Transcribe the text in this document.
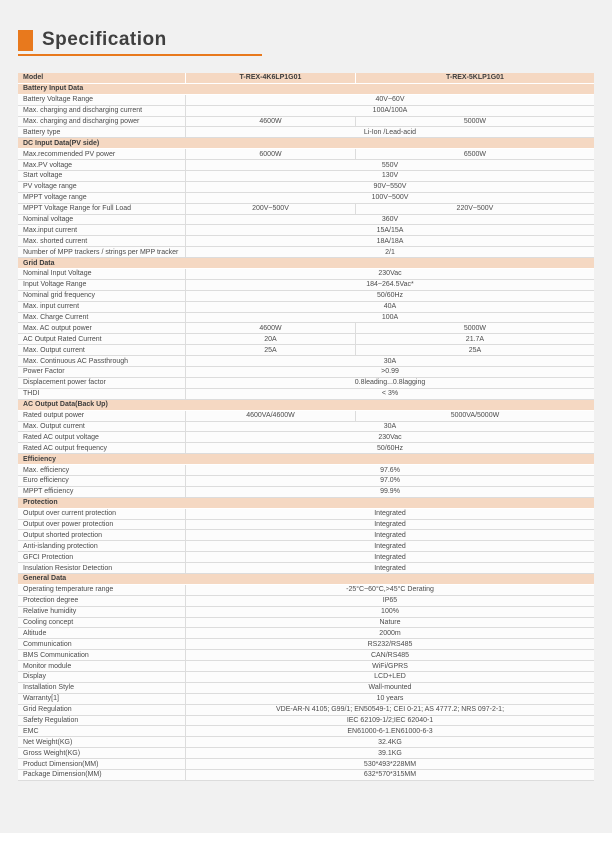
Specification
Model	T-REX-4K6LP1G01	T-REX-5KLP1G01
Battery Input Data
Battery Voltage Range	40V~60V
Max. charging and discharging current	100A/100A
Max. charging and discharging power	4600W	5000W
Battery type	Li-Ion /Lead-acid
DC Input Data(PV side)
Max.recommended PV power	6000W	6500W
Max.PV voltage	550V
Start voltage	130V
PV voltage range	90V~550V
MPPT voltage range	100V~500V
MPPT Voltage Range for Full Load	200V~500V	220V~500V
Nominal voltage	360V
Max.input current	15A/15A
Max. shorted current	18A/18A
Number of MPP trackers / strings per MPP tracker	2/1
Grid Data
Nominal Input Voltage	230Vac
Input Voltage Range	184~264.5Vac*
Nominal grid frequency	50/60Hz
Max. input current	40A
Max. Charge Current	100A
Max. AC output power	4600W	5000W
AC Output Rated Current	20A	21.7A
Max. Output current	25A	25A
Max. Continuous AC Passthrough	30A
Power Factor	>0.99
Displacement power factor	0.8leading...0.8lagging
THDI	< 3%
AC Output Data(Back Up)
Rated output power	4600VA/4600W	5000VA/5000W
Max. Output current	30A
Rated AC output voltage	230Vac
Rated AC output frequency	50/60Hz
Efficiency
Max. efficiency	97.6%
Euro efficiency	97.0%
MPPT efficiency	99.9%
Protection
Output over current protection	Integrated
Output over power protection	Integrated
Output shorted protection	Integrated
Anti-islanding protection	Integrated
GFCI Protection	Integrated
Insulation Resistor Detection	Integrated
General Data
Operating temperature range	-25°C~60°C,>45°C Derating
Protection degree	IP65
Relative humidity	100%
Cooling concept	Nature
Altitude	2000m
Communication	RS232/RS485
BMS Communication	CAN/RS485
Monitor module	WiFi/GPRS
Display	LCD+LED
Installation Style	Wall-mounted
Warranty[1]	10 years
Grid Regulation	VDE-AR-N 4105; G99/1; EN50549-1; CEI 0-21; AS 4777.2; NRS 097-2-1;
Safety Regulation	IEC 62109-1/2;IEC 62040-1
EMC	EN61000-6-1.EN61000-6-3
Net Weight(KG)	32.4KG
Gross Weight(KG)	39.1KG
Product Dimension(MM)	530*493*228MM
Package Dimension(MM)	632*570*315MM
